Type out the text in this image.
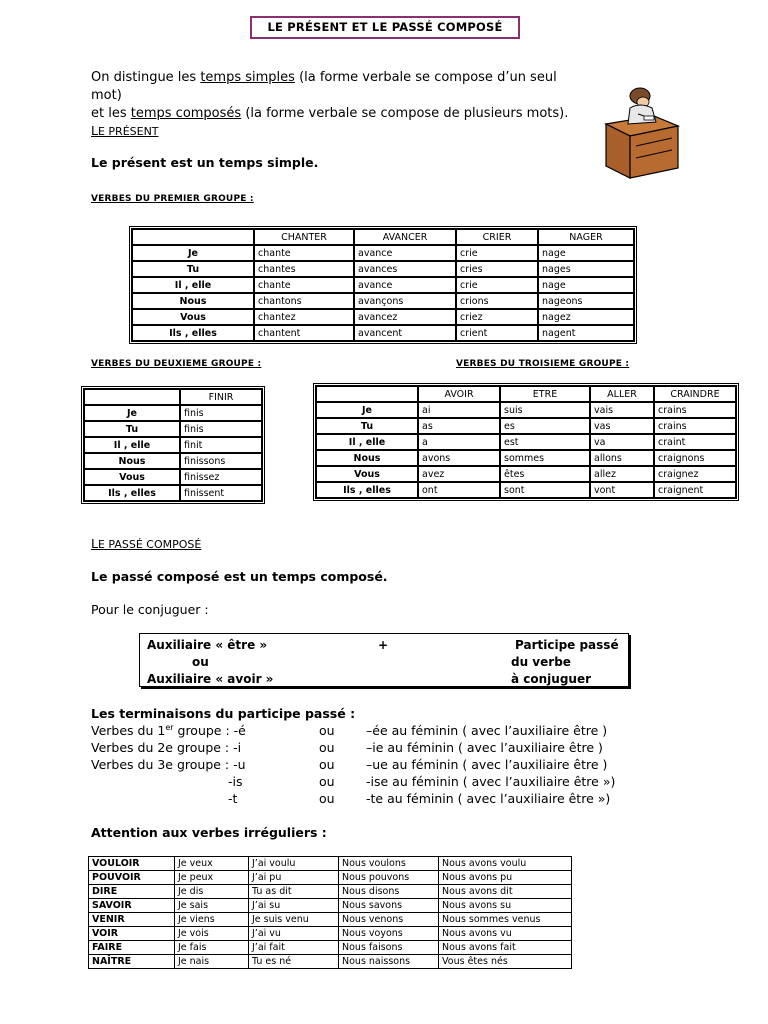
LE PRÉSENT ET LE PASSÉ COMPOSÉ
On distingue les temps simples (la forme verbale se compose d’un seul mot)
et les temps composés (la forme verbale se compose de plusieurs mots).
LE PRÉSENT
Le présent est un temps simple.
VERBES DU PREMIER GROUPE :
	CHANTER	AVANCER	CRIER	NAGER
Je	chante	avance	crie	nage
Tu	chantes	avances	cries	nages
Il , elle	chante	avance	crie	nage
Nous	chantons	avançons	crions	nageons
Vous	chantez	avancez	criez	nagez
Ils , elles	chantent	avancent	crient	nagent
VERBES DU DEUXIEME GROUPE :	VERBES DU TROISIEME GROUPE :
	FINIR
Je	finis
Tu	finis
Il , elle	finit
Nous	finissons
Vous	finissez
Ils , elles	finissent
	AVOIR	ETRE	ALLER	CRAINDRE
Je	ai	suis	vais	crains
Tu	as	es	vas	crains
Il , elle	a	est	va	craint
Nous	avons	sommes	allons	craignons
Vous	avez	êtes	allez	craignez
Ils , elles	ont	sont	vont	craignent
LE PASSÉ COMPOSÉ
Le passé composé est un temps composé.
Pour le conjuguer :
Auxiliaire « être »
ou
Auxiliaire « avoir »
+	Participe passé
du verbe
à conjuguer
Les terminaisons du participe passé :
Verbes du 1er groupe : -é	ou	–ée au féminin ( avec l’auxiliaire être )
Verbes du 2e groupe : -i	ou	–ie au féminin ( avec l’auxiliaire être )
Verbes du 3e groupe : -u	ou	–ue au féminin ( avec l’auxiliaire être )
-is	ou	-ise au féminin ( avec l’auxiliaire être »)
-t	ou	-te au féminin ( avec l’auxiliaire être »)
Attention aux verbes irréguliers :
VOULOIR	Je veux	J’ai voulu	Nous voulons	Nous avons voulu
POUVOIR	Je peux	J’ai pu	Nous pouvons	Nous avons pu
DIRE	Je dis	Tu as dit	Nous disons	Nous avons dit
SAVOIR	Je sais	J’ai su	Nous savons	Nous avons su
VENIR	Je viens	Je suis venu	Nous venons	Nous sommes venus
VOIR	Je vois	J’ai vu	Nous voyons	Nous avons vu
FAIRE	Je fais	J’ai fait	Nous faisons	Nous avons fait
NAÎTRE	Je nais	Tu es né	Nous naissons	Vous êtes nés
